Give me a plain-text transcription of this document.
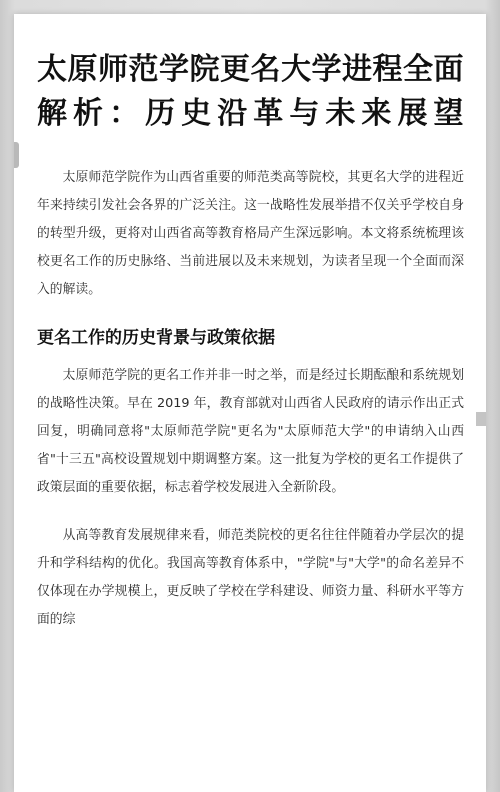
太原师范学院更名大学进程全面解析：历史沿革与未来展望

太原师范学院作为山西省重要的师范类高等院校，其更名大学的进程近年来持续引发社会各界的广泛关注。这一战略性发展举措不仅关乎学校自身的转型升级，更将对山西省高等教育格局产生深远影响。本文将系统梳理该校更名工作的历史脉络、当前进展以及未来规划，为读者呈现一个全面而深入的解读。

更名工作的历史背景与政策依据

太原师范学院的更名工作并非一时之举，而是经过长期酝酿和系统规划的战略性决策。早在 2019 年，教育部就对山西省人民政府的请示作出正式回复，明确同意将"太原师范学院"更名为"太原师范大学"的申请纳入山西省"十三五"高校设置规划中期调整方案。这一批复为学校的更名工作提供了政策层面的重要依据，标志着学校发展进入全新阶段。

从高等教育发展规律来看，师范类院校的更名往往伴随着办学层次的提升和学科结构的优化。我国高等教育体系中，"学院"与"大学"的命名差异不仅体现在办学规模上，更反映了学校在学科建设、师资力量、科研水平等方面的综
